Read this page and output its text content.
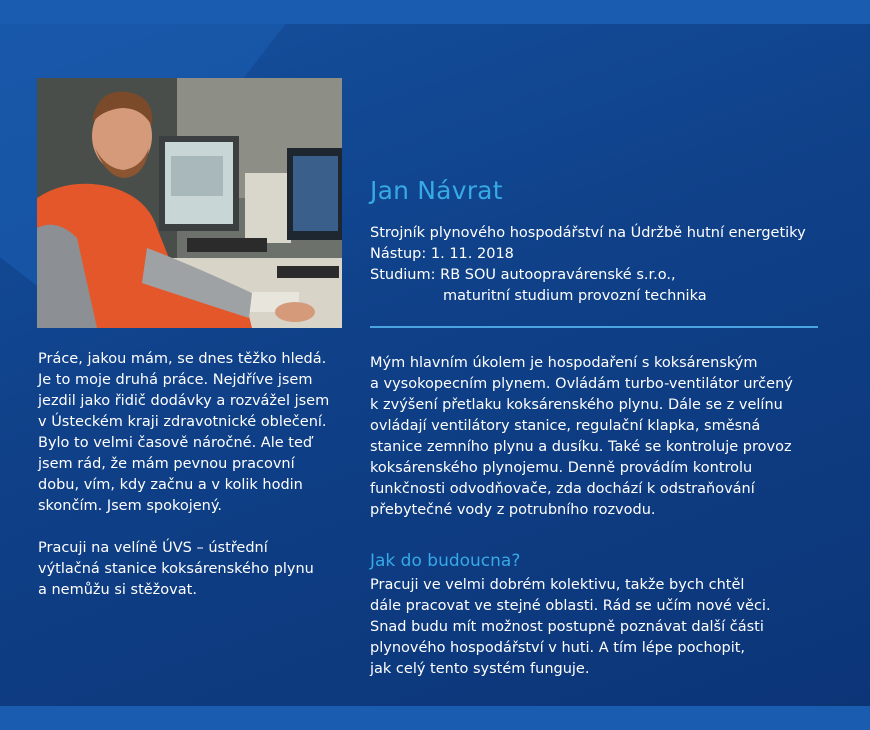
Jan Návrat
Strojník plynového hospodářství na Údržbě hutní energetiky
Nástup: 1. 11. 2018
Studium: RB SOU autoopravárenské s.r.o.,
maturitní studium provozní technika

Práce, jakou mám, se dnes těžko hledá.
Je to moje druhá práce. Nejdříve jsem
jezdil jako řidič dodávky a rozvážel jsem
v Ústeckém kraji zdravotnické oblečení.
Bylo to velmi časově náročné. Ale teď
jsem rád, že mám pevnou pracovní
dobu, vím, kdy začnu a v kolik hodin
skončím. Jsem spokojený.

Pracuji na velíně ÚVS – ústřední
výtlačná stanice koksárenského plynu
a nemůžu si stěžovat.

Mým hlavním úkolem je hospodaření s koksárenským
a vysokopecním plynem. Ovládám turbo-ventilátor určený
k zvýšení přetlaku koksárenského plynu. Dále se z velínu
ovládají ventilátory stanice, regulační klapka, směsná
stanice zemního plynu a dusíku. Také se kontroluje provoz
koksárenského plynojemu. Denně provádím kontrolu
funkčnosti odvodňovače, zda dochází k odstraňování
přebytečné vody z potrubního rozvodu.

Jak do budoucna?

Pracuji ve velmi dobrém kolektivu, takže bych chtěl
dále pracovat ve stejné oblasti. Rád se učím nové věci.
Snad budu mít možnost postupně poznávat další části
plynového hospodářství v huti. A tím lépe pochopit,
jak celý tento systém funguje.
